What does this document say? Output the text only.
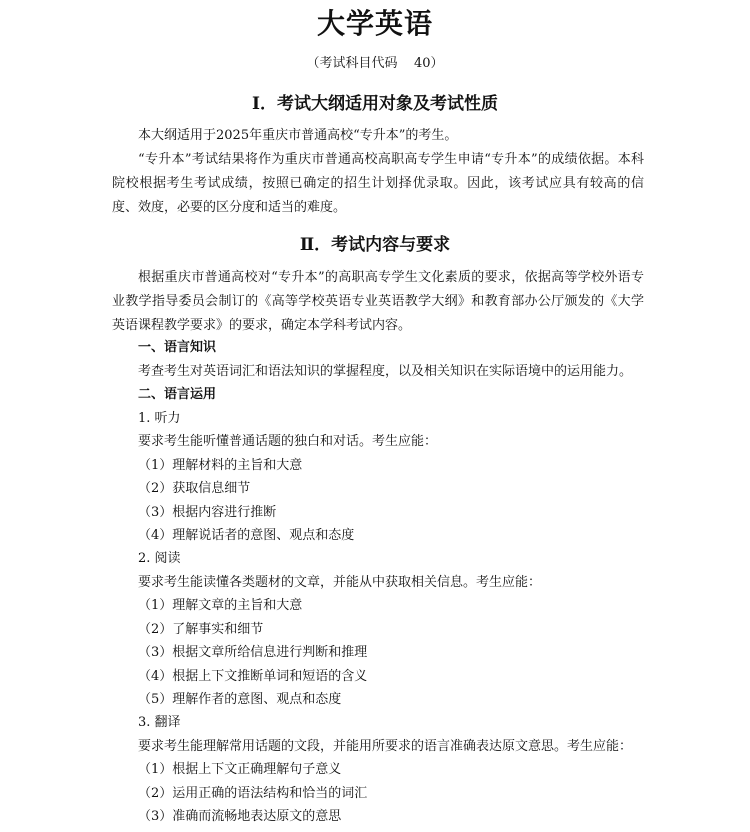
大学英语
（考试科目代码    40）
Ⅰ．考试大纲适用对象及考试性质

本大纲适用于2025年重庆市普通高校“专升本”的考生。

“专升本”考试结果将作为重庆市普通高校高职高专学生申请“专升本”的成绩依据。本科院校根据考生考试成绩，按照已确定的招生计划择优录取。因此，该考试应具有较高的信度、效度，必要的区分度和适当的难度。

Ⅱ．考试内容与要求

根据重庆市普通高校对“专升本”的高职高专学生文化素质的要求，依据高等学校外语专业教学指导委员会制订的《高等学校英语专业英语教学大纲》和教育部办公厅颁发的《大学英语课程教学要求》的要求，确定本学科考试内容。

一、语言知识
考查考生对英语词汇和语法知识的掌握程度，以及相关知识在实际语境中的运用能力。
二、语言运用
1. 听力
要求考生能听懂普通话题的独白和对话。考生应能：
（1）理解材料的主旨和大意
（2）获取信息细节
（3）根据内容进行推断
（4）理解说话者的意图、观点和态度
2. 阅读
要求考生能读懂各类题材的文章，并能从中获取相关信息。考生应能：
（1）理解文章的主旨和大意
（2）了解事实和细节
（3）根据文章所给信息进行判断和推理
（4）根据上下文推断单词和短语的含义
（5）理解作者的意图、观点和态度
3. 翻译
要求考生能理解常用话题的文段，并能用所要求的语言准确表达原文意思。考生应能：
（1）根据上下文正确理解句子意义
（2）运用正确的语法结构和恰当的词汇
（3）准确而流畅地表达原文的意思
